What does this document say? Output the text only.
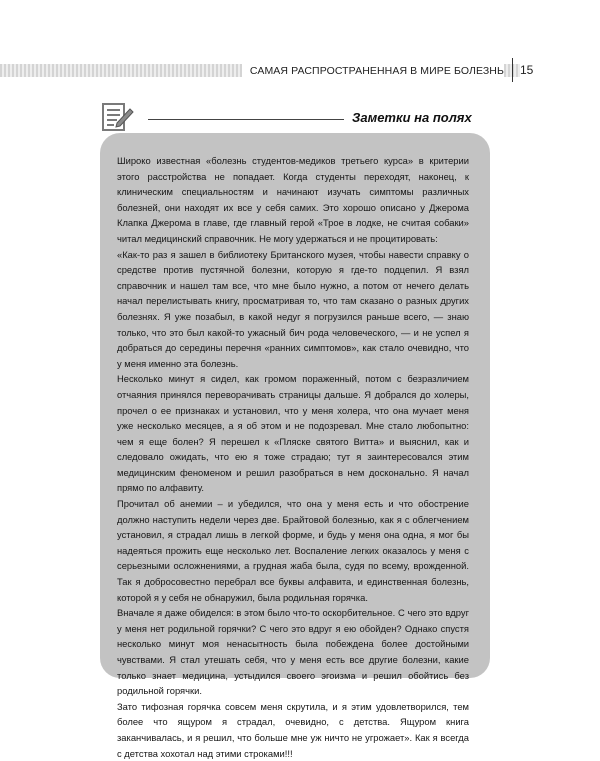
САМАЯ РАСПРОСТРАНЕННАЯ В МИРЕ БОЛЕЗНЬ 15
Заметки на полях

Широко известная «болезнь студентов-медиков третьего курса» в критерии этого расстройства не попадает. Когда студенты переходят, наконец, к клиническим специальностям и начинают изучать симптомы различных болезней, они находят их все у себя самих. Это хорошо описано у Джерома Клапка Джерома в главе, где главный герой «Трое в лодке, не считая собаки» читал медицинский справочник. Не могу удержаться и не процитировать:

«Как-то раз я зашел в библиотеку Британского музея, чтобы навести справку о средстве против пустячной болезни, которую я где-то подцепил. Я взял справочник и нашел там все, что мне было нужно, а потом от нечего делать начал перелистывать книгу, просматривая то, что там сказано о разных других болезнях. Я уже позабыл, в какой недуг я погрузился раньше всего, — знаю только, что это был какой-то ужасный бич рода человеческого, — и не успел я добраться до середины перечня «ранних симптомов», как стало очевидно, что у меня именно эта болезнь.

Несколько минут я сидел, как громом пораженный, потом с безразличием отчаяния принялся переворачивать страницы дальше. Я добрался до холеры, прочел о ее признаках и установил, что у меня холера, что она мучает меня уже несколько месяцев, а я об этом и не подозревал. Мне стало любопытно: чем я еще болен? Я перешел к «Пляске святого Витта» и выяснил, как и следовало ожидать, что ею я тоже страдаю; тут я заинтересовался этим медицинским феноменом и решил разобраться в нем досконально. Я начал прямо по алфавиту.

Прочитал об анемии – и убедился, что она у меня есть и что обострение должно наступить недели через две. Брайтовой болезнью, как я с облегчением установил, я страдал лишь в легкой форме, и будь у меня она одна, я мог бы надеяться прожить еще несколько лет. Воспаление легких оказалось у меня с серьезными осложнениями, а грудная жаба была, судя по всему, врожденной. Так я добросовестно перебрал все буквы алфавита, и единственная болезнь, которой я у себя не обнаружил, была родильная горячка.

Вначале я даже обиделся: в этом было что-то оскорбительное. С чего это вдруг у меня нет родильной горячки? С чего это вдруг я ею обойден? Однако спустя несколько минут моя ненасытность была побеждена более достойными чувствами. Я стал утешать себя, что у меня есть все другие болезни, какие только знает медицина, устыдился своего эгоизма и решил обойтись без родильной горячки.

Зато тифозная горячка совсем меня скрутила, и я этим удовлетворился, тем более что ящуром я страдал, очевидно, с детства. Ящуром книга заканчивалась, и я решил, что больше мне уж ничто не угрожает». Как я всегда с детства хохотал над этими строками!!!
